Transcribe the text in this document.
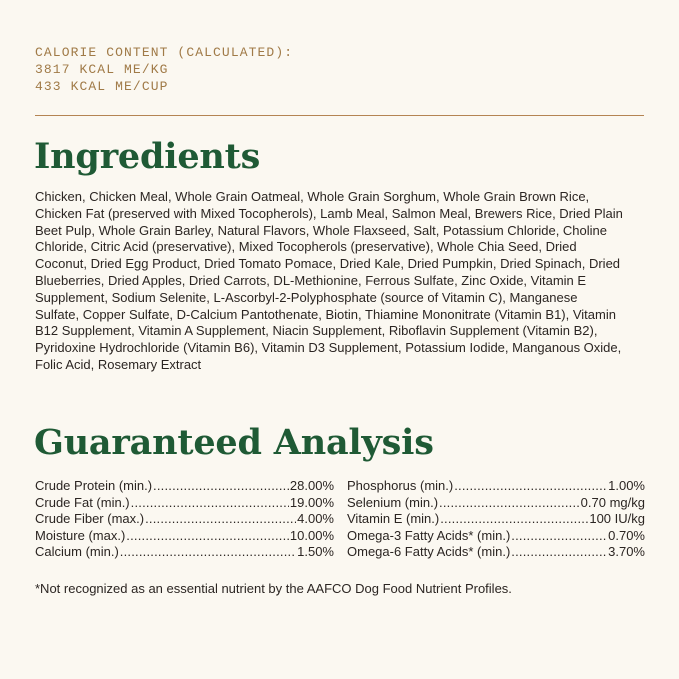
CALORIE CONTENT (CALCULATED):
3817 KCAL ME/KG
433 KCAL ME/CUP
Ingredients

Chicken, Chicken Meal, Whole Grain Oatmeal, Whole Grain Sorghum, Whole Grain Brown Rice, Chicken Fat (preserved with Mixed Tocopherols), Lamb Meal, Salmon Meal, Brewers Rice, Dried Plain Beet Pulp, Whole Grain Barley, Natural Flavors, Whole Flaxseed, Salt, Potassium Chloride, Choline Chloride, Citric Acid (preservative), Mixed Tocopherols (preservative), Whole Chia Seed, Dried Coconut, Dried Egg Product, Dried Tomato Pomace, Dried Kale, Dried Pumpkin, Dried Spinach, Dried Blueberries, Dried Apples, Dried Carrots, DL-Methionine, Ferrous Sulfate, Zinc Oxide, Vitamin E Supplement, Sodium Selenite, L-Ascorbyl-2-Polyphosphate (source of Vitamin C), Manganese Sulfate, Copper Sulfate, D-Calcium Pantothenate, Biotin, Thiamine Mononitrate (Vitamin B1), Vitamin B12 Supplement, Vitamin A Supplement, Niacin Supplement, Riboflavin Supplement (Vitamin B2), Pyridoxine Hydrochloride (Vitamin B6), Vitamin D3 Supplement, Potassium Iodide, Manganous Oxide, Folic Acid, Rosemary Extract

Guaranteed Analysis
Crude Protein (min.) .....	28.00%
Crude Fat (min.) .....	19.00%
Crude Fiber (max.) .....	4.00%
Moisture (max.) .....	10.00%
Calcium (min.) .....	1.50%
Phosphorus (min.) .....	1.00%
Selenium (min.) .....	0.70 mg/kg
Vitamin E (min.) .....	100 IU/kg
Omega-3 Fatty Acids* (min.) .....	0.70%
Omega-6 Fatty Acids* (min.) .....	3.70%
*Not recognized as an essential nutrient by the AAFCO Dog Food Nutrient Profiles.
